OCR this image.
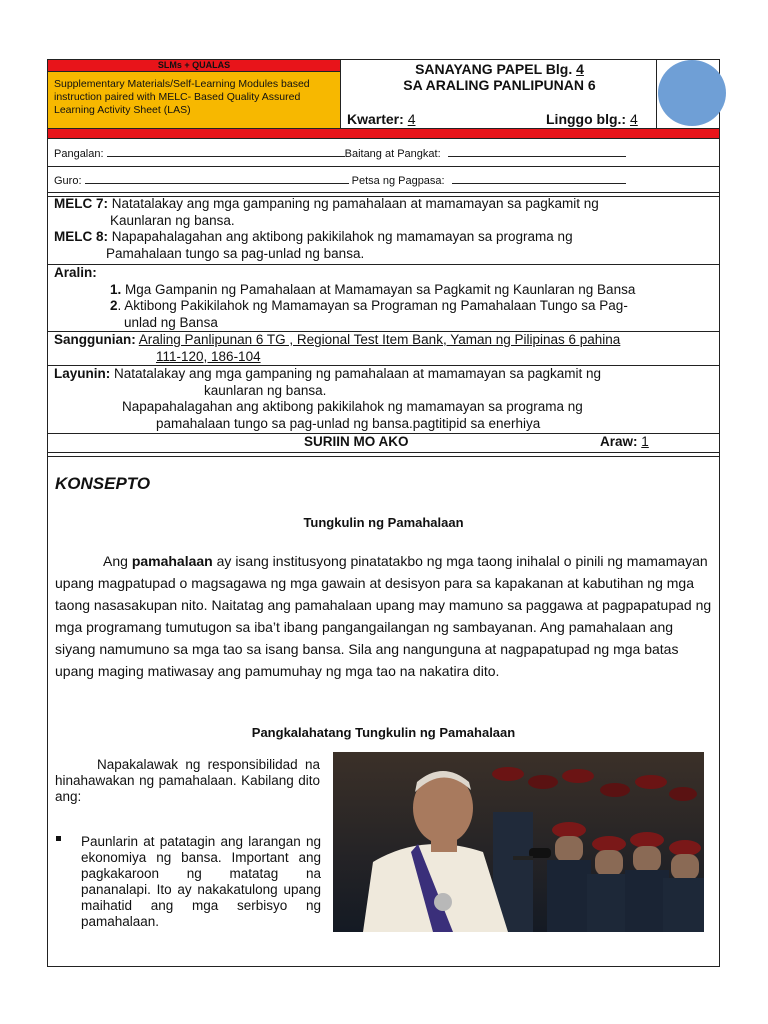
SLMs + QUALAS
Supplementary Materials/Self-Learning Modules based instruction paired with MELC- Based Quality Assured Learning Activity Sheet (LAS)
SANAYANG PAPEL Blg. 4
SA ARALING PANLIPUNAN 6
Kwarter: 4	Linggo blg.: 4
Pangalan:	Baitang at Pangkat:
Guro:	Petsa ng Pagpasa:
MELC 7: Natatalakay ang mga gampaning ng pamahalaan at mamamayan sa pagkamit ng
Kaunlaran ng bansa.
MELC 8: Napapahalagahan ang aktibong pakikilahok ng mamamayan sa programa ng
Pamahalaan tungo sa pag-unlad ng bansa.
Aralin:
1. Mga Gampanin ng Pamahalaan at Mamamayan sa Pagkamit ng Kaunlaran ng Bansa
2. Aktibong Pakikilahok ng Mamamayan sa Programan ng Pamahalaan Tungo sa Pag-
unlad ng Bansa
Sanggunian: Araling Panlipunan 6 TG , Regional Test Item Bank, Yaman ng Pilipinas 6 pahina
111-120, 186-104
Layunin: Natatalakay ang mga gampaning ng pamahalaan at mamamayan sa pagkamit ng
kaunlaran ng bansa.
Napapahalagahan ang aktibong pakikilahok ng mamamayan sa programa ng
pamahalaan tungo sa pag-unlad ng bansa.pagtitipid sa enerhiya
SURIIN MO AKO	Araw: 1
KONSEPTO
Tungkulin ng Pamahalaan
Ang pamahalaan ay isang institusyong pinatatakbo ng mga taong inihalal o pinili ng mamamayan upang magpatupad o magsagawa ng mga gawain at desisyon para sa kapakanan at kabutihan ng mga taong nasasakupan nito. Naitatag ang pamahalaan upang may mamuno sa paggawa at pagpapatupad ng mga programang tumutugon sa iba’t ibang pangangailangan ng sambayanan. Ang pamahalaan ang siyang namumuno sa mga tao sa isang bansa. Sila ang nangunguna at nagpapatupad ng mga batas upang maging matiwasay ang pamumuhay ng mga tao na nakatira dito.
Pangkalahatang Tungkulin ng Pamahalaan
Napakalawak ng responsibilidad na hinahawakan ng pamahalaan. Kabilang dito ang:
Paunlarin at patatagin ang larangan ng ekonomiya ng bansa. Important ang pagkakaroon ng matatag na pananalapi. Ito ay nakakatulong upang maihatid ang mga serbisyo ng pamahalaan.
